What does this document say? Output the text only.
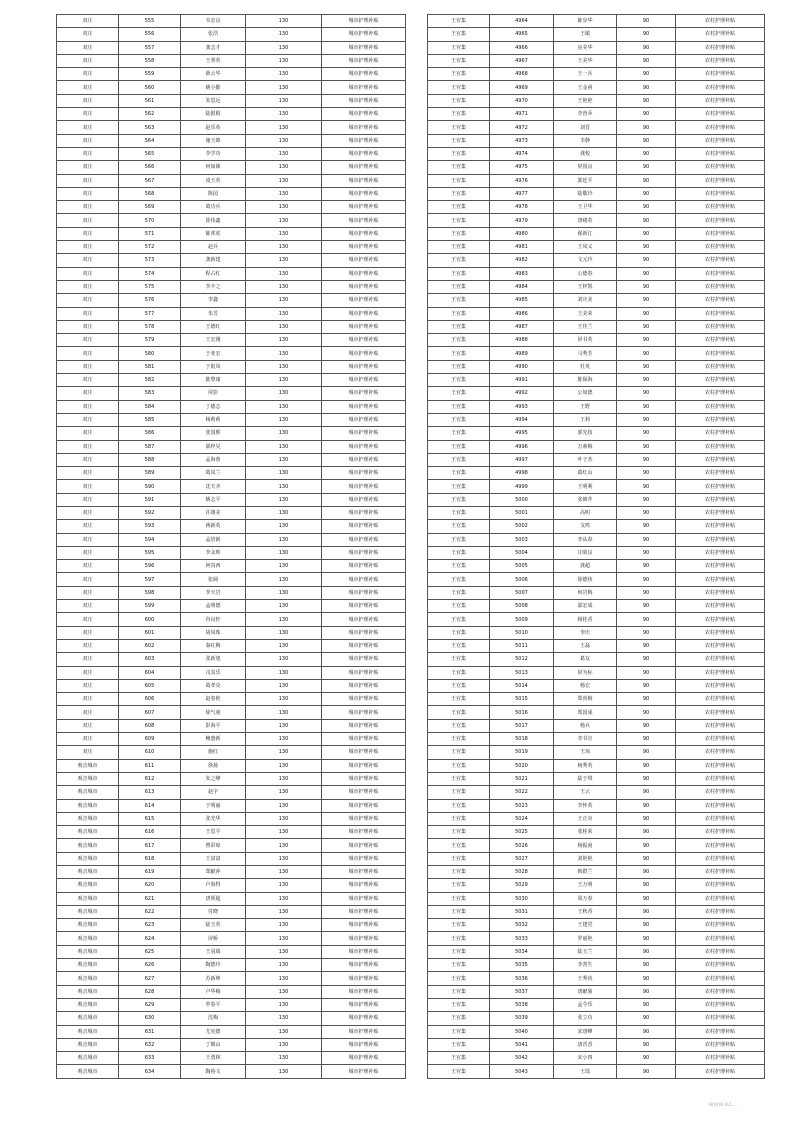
双庄	555	韦宏良	130	城市护理补贴
双庄	556	张浩	130	城市护理补贴
双庄	557	龚志才	130	城市护理补贴
双庄	558	王翠英	130	城市护理补贴
双庄	559	薛云华	130	城市护理补贴
双庄	560	姚小勤	130	城市护理补贴
双庄	561	朱思远	130	城市护理补贴
双庄	562	陆银根	130	城市护理补贴
双庄	563	赵乐英	130	城市护理补贴
双庄	564	施玉锦	130	城市护理补贴
双庄	565	李学功	130	城市护理补贴
双庄	566	何如娣	130	城市护理补贴
双庄	567	凌玉英	130	城市护理补贴
双庄	568	陈园	130	城市护理补贴
双庄	569	葛功兵	130	城市护理补贴
双庄	570	徐伟鑫	130	城市护理补贴
双庄	571	陈邦虎	130	城市护理补贴
双庄	572	赵兵	130	城市护理补贴
双庄	573	龚新建	130	城市护理补贴
双庄	574	程占红	130	城市护理补贴
双庄	575	李丰之	130	城市护理补贴
双庄	576	李鑫	130	城市护理补贴
双庄	577	朱芳	130	城市护理补贴
双庄	578	王德红	130	城市护理补贴
双庄	579	王宏刚	130	城市护理补贴
双庄	580	于亚宏	130	城市护理补贴
双庄	581	于银凤	130	城市护理补贴
双庄	582	陈黎康	130	城市护理补贴
双庄	583	屏彭	130	城市护理补贴
双庄	584	丁德志	130	城市护理补贴
双庄	585	杨莉莉	130	城市护理补贴
双庄	586	张国熙	130	城市护理补贴
双庄	587	邵梓昊	130	城市护理补贴
双庄	588	孟海蓉	130	城市护理补贴
双庄	589	葛凤兰	130	城市护理补贴
双庄	590	沈天齐	130	城市护理补贴
双庄	591	姚志平	130	城市护理补贴
双庄	592	许雄美	130	城市护理补贴
双庄	593	蒋新英	130	城市护理补贴
双庄	594	孟培新	130	城市护理补贴
双庄	595	李永辉	130	城市护理补贴
双庄	596	何真西	130	城市护理补贴
双庄	597	张阔	130	城市护理补贴
双庄	598	李天岩	130	城市护理补贴
双庄	599	孟明德	130	城市护理补贴
双庄	600	谷良轩	130	城市护理补贴
双庄	601	胡凤珠	130	城市护理补贴
双庄	602	秦红梅	130	城市护理补贴
双庄	603	张新旭	130	城市护理补贴
双庄	604	司其乐	130	城市护理补贴
双庄	605	葛孝亮	130	城市护理补贴
双庄	606	赵春艳	130	城市护理补贴
双庄	607	徐气童	130	城市护理补贴
双庄	608	彭海平	130	城市护理补贴
双庄	609	鲍惠新	130	城市护理补贴
双庄	610	施红	130	城市护理补贴
观音城市	611	徐扬	130	城市护理补贴
观音城市	612	朱之峰	130	城市护理补贴
观音城市	613	赵宇	130	城市护理补贴
观音城市	614	于明丽	130	城市护理补贴
观音城市	615	张光华	130	城市护理补贴
观音城市	616	王思平	130	城市护理补贴
观音城市	617	曹彩琼	130	城市护理补贴
观音城市	618	王富富	130	城市护理补贴
观音城市	619	郑献萍	130	城市护理补贴
观音城市	620	卢海得	130	城市护理补贴
观音城市	621	唐领超	130	城市护理补贴
观音城市	622	付晓	130	城市护理补贴
观音城市	623	陆玉英	130	城市护理补贴
观音城市	624	屏桥	130	城市护理补贴
观音城市	625	王羽端	130	城市护理补贴
观音城市	626	陶德玲	130	城市护理补贴
观音城市	627	苏新坤	130	城市护理补贴
观音城市	628	卢华梅	130	城市护理补贴
观音城市	629	罗春平	130	城市护理补贴
观音城市	630	沈梅	130	城市护理补贴
观音城市	631	尤宪德	130	城市护理补贴
观音城市	632	丁锦山	130	城市护理补贴
观音城市	633	王勇林	130	城市护理补贴
观音城市	634	陶裕文	130	城市护理补贴
王官集	4964	陈步华	90	农村护理补贴
王官集	4965	王敏	90	农村护理补贴
王官集	4966	房美华	90	农村护理补贴
王官集	4967	王美华	90	农村护理补贴
王官集	4968	王一兵	90	农村护理补贴
王官集	4969	王金甫	90	农村护理补贴
王官集	4970	王艳艳	90	农村护理补贴
王官集	4971	李兽乔	90	农村护理补贴
王官集	4972	刘晋	90	农村护理补贴
王官集	4973	李静	90	农村护理补贴
王官集	4974	龚校	90	农村护理补贴
王官集	4975	屏国良	90	农村护理补贴
王官集	4976	郭廷平	90	农村护理补贴
王官集	4977	陆敬玲	90	农村护理补贴
王官集	4978	王卫华	90	农村护理补贴
王官集	4979	唐绪英	90	农村护理补贴
王官集	4980	翟新江	90	农村护理补贴
王官集	4981	王凤义	90	农村护理补贴
王官集	4982	文元玲	90	农村护理补贴
王官集	4983	公德春	90	农村护理补贴
王官集	4984	王梓凯	90	农村护理补贴
王官集	4985	刘庆美	90	农村护理补贴
王官集	4986	王美荣	90	农村护理补贴
王官集	4987	王佳兰	90	农村护理补贴
王官集	4988	屏书英	90	农村护理补贴
王官集	4989	马秀芳	90	农村护理补贴
王官集	4990	杜英	90	农村护理补贴
王官集	4991	陈保海	90	农村护理补贴
王官集	4992	公如德	90	农村护理补贴
王官集	4993	王野	90	农村护理补贴
王官集	4994	王莉	90	农村护理补贴
王官集	4995	郭先枝	90	农村护理补贴
王官集	4996	万素梅	90	农村护理补贴
王官集	4997	叶子杰	90	农村护理补贴
王官集	4998	葛红山	90	农村护理补贴
王官集	4999	王明利	90	农村护理补贴
王官集	5000	张锦芹	90	农村护理补贴
王官集	5001	高明	90	农村护理补贴
王官集	5002	戈鸣	90	农村护理补贴
王官集	5003	李从春	90	农村护理补贴
王官集	5004	庄昭良	90	农村护理补贴
王官集	5005	龚超	90	农村护理补贴
王官集	5006	徐德侠	90	农村护理补贴
王官集	5007	何岩梅	90	农村护理补贴
王官集	5008	邵宏成	90	农村护理补贴
王官集	5009	杨桂香	90	农村护理补贴
王官集	5010	李庆	90	农村护理补贴
王官集	5011	王磊	90	农村护理补贴
王官集	5012	葛友	90	农村护理补贴
王官集	5013	屏为标	90	农村护理补贴
王官集	5014	杨宏	90	农村护理补贴
王官集	5015	郑喜梅	90	农村护理补贴
王官集	5016	郑国成	90	农村护理补贴
王官集	5017	杨兵	90	农村护理补贴
王官集	5018	李书宣	90	农村护理补贴
王官集	5019	王琼	90	农村护理补贴
王官集	5020	杨秀英	90	农村护理补贴
王官集	5021	陆于琪	90	农村护理补贴
王官集	5022	王云	90	农村护理补贴
王官集	5023	李怀英	90	农村护理补贴
王官集	5024	王正亮	90	农村护理补贴
王官集	5025	张桂荣	90	农村护理补贴
王官集	5026	杨振甫	90	农村护理补贴
王官集	5027	刘艳艳	90	农村护理补贴
王官集	5028	韩群兰	90	农村护理补贴
王官集	5029	王万明	90	农村护理补贴
王官集	5030	周万春	90	农村护理补贴
王官集	5031	王秋香	90	农村护理补贴
王官集	5032	王建党	90	农村护理补贴
王官集	5033	罗丽艳	90	农村护理补贴
王官集	5034	陆玉兰	90	农村护理补贴
王官集	5035	李善生	90	农村护理补贴
王官集	5036	王秀侠	90	农村护理补贴
王官集	5037	唐献菊	90	农村护理补贴
王官集	5038	孟令乐	90	农村护理补贴
王官集	5039	张立功	90	农村护理补贴
王官集	5040	宋唐峰	90	农村护理补贴
王官集	5041	唐晋香	90	农村护理补贴
王官集	5042	宋小四	90	农村护理补贴
王官集	5043	王瑶	90	农村护理补贴
www.xz...
